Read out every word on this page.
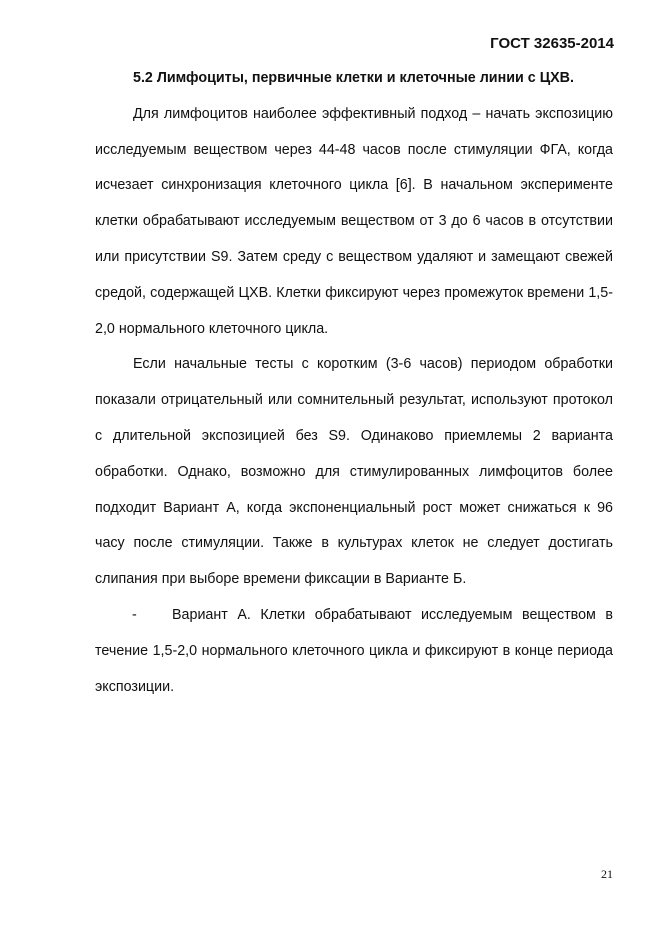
ГОСТ 32635-2014

5.2 Лимфоциты, первичные клетки и клеточные линии с ЦХВ.

Для лимфоцитов наиболее эффективный подход – начать экспозицию исследуемым веществом через 44-48 часов после стимуляции ФГА, когда исчезает синхронизация клеточного цикла [6]. В начальном эксперименте клетки обрабатывают исследуемым веществом от 3 до 6 часов в отсутствии или присутствии S9. Затем среду с веществом удаляют и замещают свежей средой, содержащей ЦХВ. Клетки фиксируют через промежуток времени 1,5-2,0 нормального клеточного цикла.

Если начальные тесты с коротким (3-6 часов) периодом обработки показали отрицательный или сомнительный результат, используют протокол с длительной экспозицией без S9. Одинаково приемлемы 2 варианта обработки. Однако, возможно для стимулированных лимфоцитов более подходит Вариант А, когда экспоненциальный рост может снижаться к 96 часу после стимуляции. Также в культурах клеток не следует достигать слипания при выборе времени фиксации в Варианте Б.

- Вариант А. Клетки обрабатывают исследуемым веществом в течение 1,5-2,0 нормального клеточного цикла и фиксируют в конце периода экспозиции.

21
